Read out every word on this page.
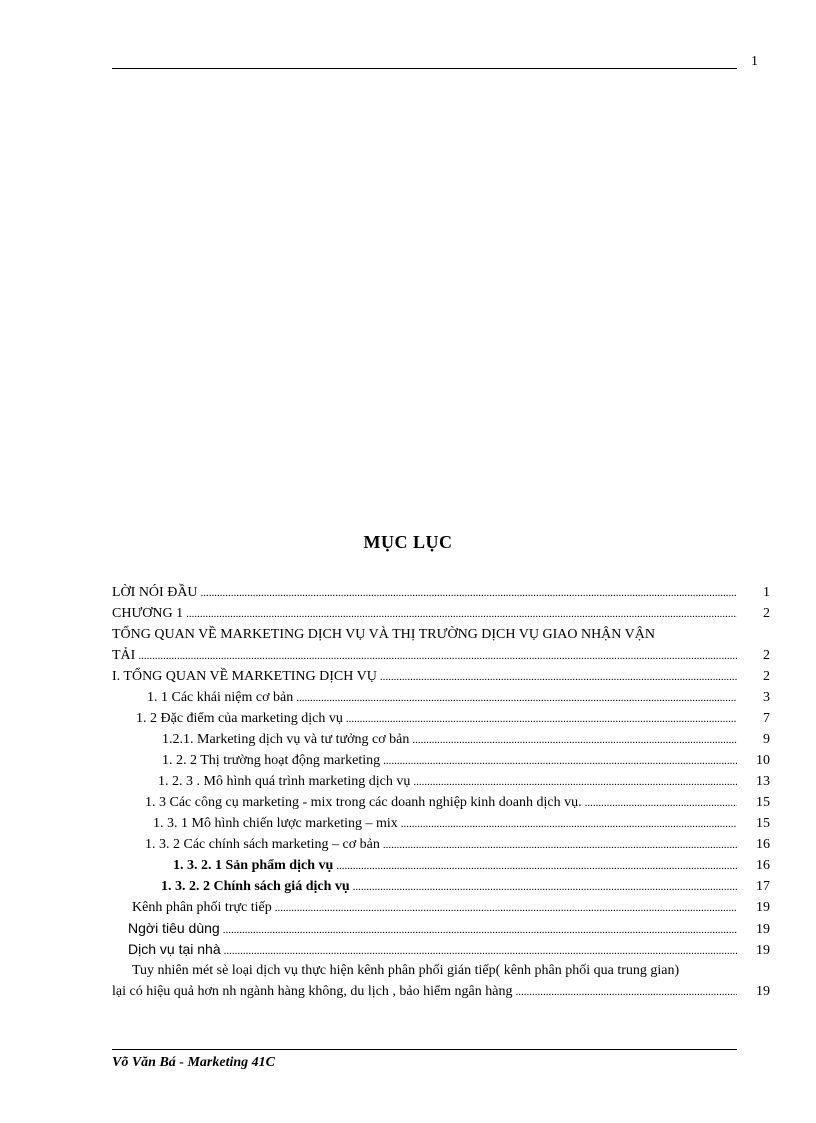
1
MỤC LỤC
LỜI NÓI ĐẦU .....	1
CHƯƠNG 1 .....	2
TỔNG QUAN VỀ MARKETING DỊCH VỤ VÀ THỊ TRƯỜNG DỊCH VỤ GIAO NHẬN VẬN
TẢI .....	2
I. TỔNG QUAN VỀ MARKETING DỊCH VỤ .....	2
1. 1 Các khái niệm cơ bản .....	3
1. 2 Đặc điểm của marketing dịch vụ .....	7
1.2.1. Marketing dịch vụ và tư tưởng cơ bản .....	9
1. 2. 2 Thị trường hoạt động marketing .....	10
1. 2. 3 . Mô hình quá trình marketing dịch vụ .....	13
1. 3 Các công cụ marketing - mix trong các doanh nghiệp kinh doanh dịch vụ. .....	15
1. 3. 1 Mô hình chiến lược marketing – mix .....	15
1. 3. 2 Các chính sách marketing – cơ bản .....	16
1. 3. 2. 1 Sản phẩm dịch vụ .....	16
1. 3. 2. 2 Chính sách giá dịch vụ .....	17
Kênh phân phối trực tiếp .....	19
Ngời tiêu dùng .....	19
Dịch vụ tại nhà .....	19
Tuy nhiên mét sè loại dịch vụ thực hiện kênh phân phối gián tiếp( kênh phân phối qua trung gian)
lại có hiệu quả hơn nh ngành hàng không, du lịch , bảo hiểm ngân hàng .....	19
Võ Văn Bá - Marketing 41C
